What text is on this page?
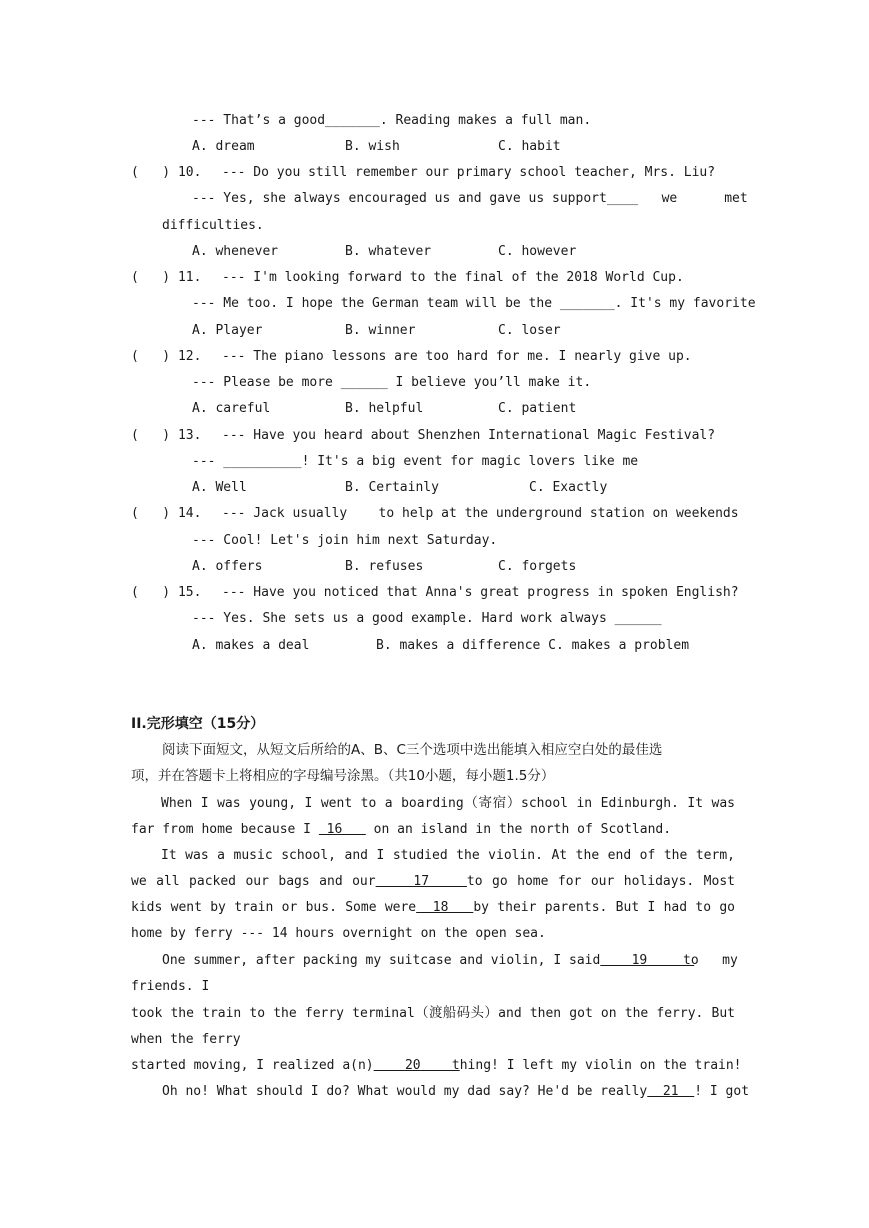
--- That’s a good_______. Reading makes a full man.
A. dream	B. wish	C. habit
(   ) 10. --- Do you still remember our primary school teacher, Mrs. Liu?
--- Yes, she always encouraged us and gave us support____   we      met
difficulties.
A. whenever	B. whatever	C. however
(   ) 11. --- I'm looking forward to the final of the 2018 World Cup.
--- Me too. I hope the German team will be the _______. It's my favorite
A. Player	B. winner	C. loser
(   ) 12. --- The piano lessons are too hard for me. I nearly give up.
--- Please be more ______ I believe you’ll make it.
A. careful	B. helpful	C. patient
(   ) 13. --- Have you heard about Shenzhen International Magic Festival?
--- __________! It's a big event for magic lovers like me
A. Well	B. Certainly	C. Exactly
(   ) 14. --- Jack usually    to help at the underground station on weekends
--- Cool! Let's join him next Saturday.
A. offers	B. refuses	C. forgets
(   ) 15. --- Have you noticed that Anna's great progress in spoken English?
--- Yes. She sets us a good example. Hard work always ______
A. makes a deal	B. makes a difference C. makes a problem
II.完形填空（15分）
阅读下面短文，从短文后所给的A、B、C三个选项中选出能填入相应空白处的最佳选
项，并在答题卡上将相应的字母编号涂黑。（共10小题，每小题1.5分）
When I was young, I went to a boarding（寄宿）school in Edinburgh. It was far from home because I  16    on an island in the north of Scotland.
It was a music school, and I studied the violin. At the end of the term, we all packed our bags and our    17    to go home for our holidays. Most kids went by train or bus. Some were  18   by their parents. But I had to go home by ferry --- 14 hours overnight on the open sea.
One summer, after packing my suitcase and violin, I said    19
to   my
friends. I
took the train to the ferry terminal（渡船码头）and then got on the ferry. But when the ferry
started moving, I realized a(n)    20    thing! I left my violin on the train!
Oh no! What should I do? What would my dad say? He'd be really  21  ! I got
